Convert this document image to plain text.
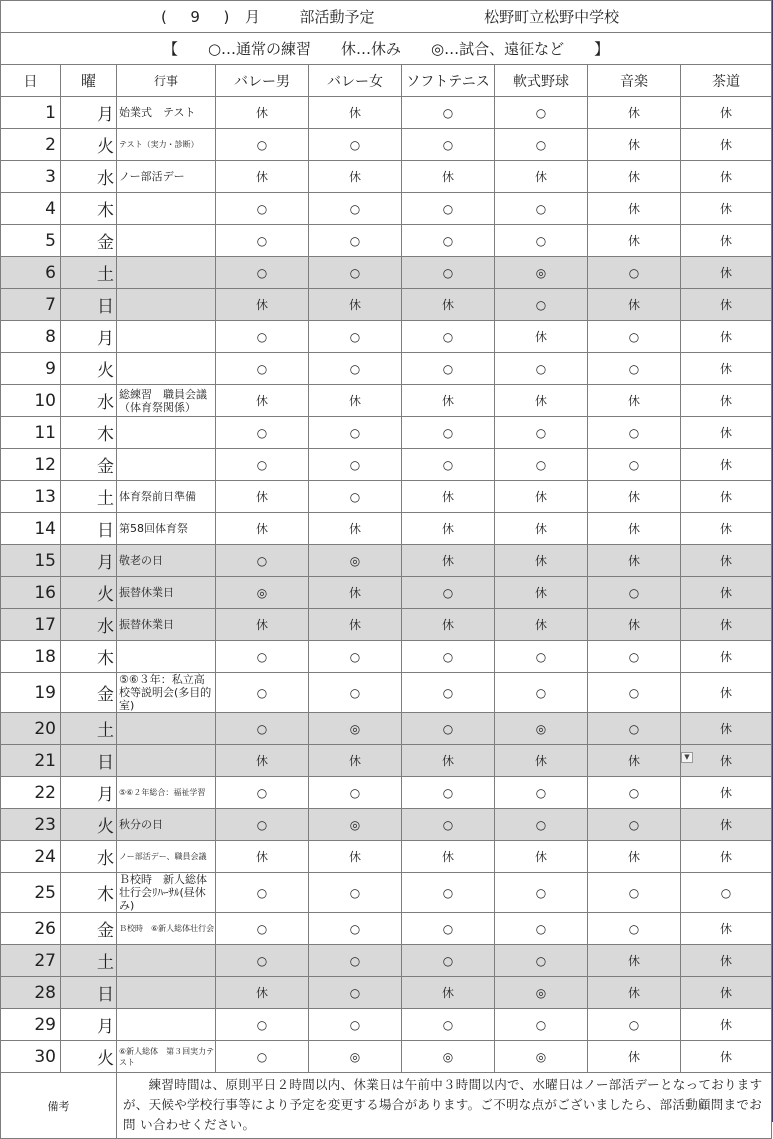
( 9 ) 月 部活動予定 松野町立松野中学校								
【　　○…通常の練習　　休…休み　　◎…試合、遠征など　　】								
日	曜	行事	バレー男	バレー女	ソフトテニス	軟式野球	音楽	茶道
1	月	始業式　テスト	休	休	○	○	休	休
2	火	テスト（実力・診断）	○	○	○	○	休	休
3	水	ノー部活デー	休	休	休	休	休	休
4	木		○	○	○	○	休	休
5	金		○	○	○	○	休	休
6	土		○	○	○	◎	○	休
7	日		休	休	休	○	休	休
8	月		○	○	○	休	○	休
9	火		○	○	○	○	○	休
10	水	総練習　職員会議（体育祭関係）	休	休	休	休	休	休
11	木		○	○	○	○	○	休
12	金		○	○	○	○	○	休
13	土	体育祭前日準備	休	○	休	休	休	休
14	日	第58回体育祭	休	休	休	休	休	休
15	月	敬老の日	○	◎	休	休	休	休
16	火	振替休業日	◎	休	○	休	○	休
17	水	振替休業日	休	休	休	休	休	休
18	木		○	○	○	○	○	休
19	金	⑤⑥３年：私立高校等説明会(多目的室)	○	○	○	○	○	休
20	土		○	◎	○	◎	○	休
21	日		休	休	休	休	休	休
22	月	⑤⑥２年総合：福祉学習	○	○	○	○	○	休
23	火	秋分の日	○	◎	○	○	○	休
24	水	ノー部活デー、職員会議	休	休	休	休	休	休
25	木	Ｂ校時　新人総体壮行会ﾘﾊｰｻﾙ(昼休み)	○	○	○	○	○	○
26	金	Ｂ校時　⑥新人総体壮行会	○	○	○	○	○	休
27	土		○	○	○	○	休	休
28	日		休	○	休	◎	休	休
29	月		○	○	○	○	○	休
30	火	⑥新人総体　第３回実力テスト	○	◎	◎	◎	休	休
備考		　　練習時間は、原則平日２時間以内、休業日は午前中３時間以内で、水曜日はノー部活デーとなっておりますが、天候や学校行事等により予定を変更する場合があります。ご不明な点がございましたら、部活動顧問までお問 い合わせください。						
▼
